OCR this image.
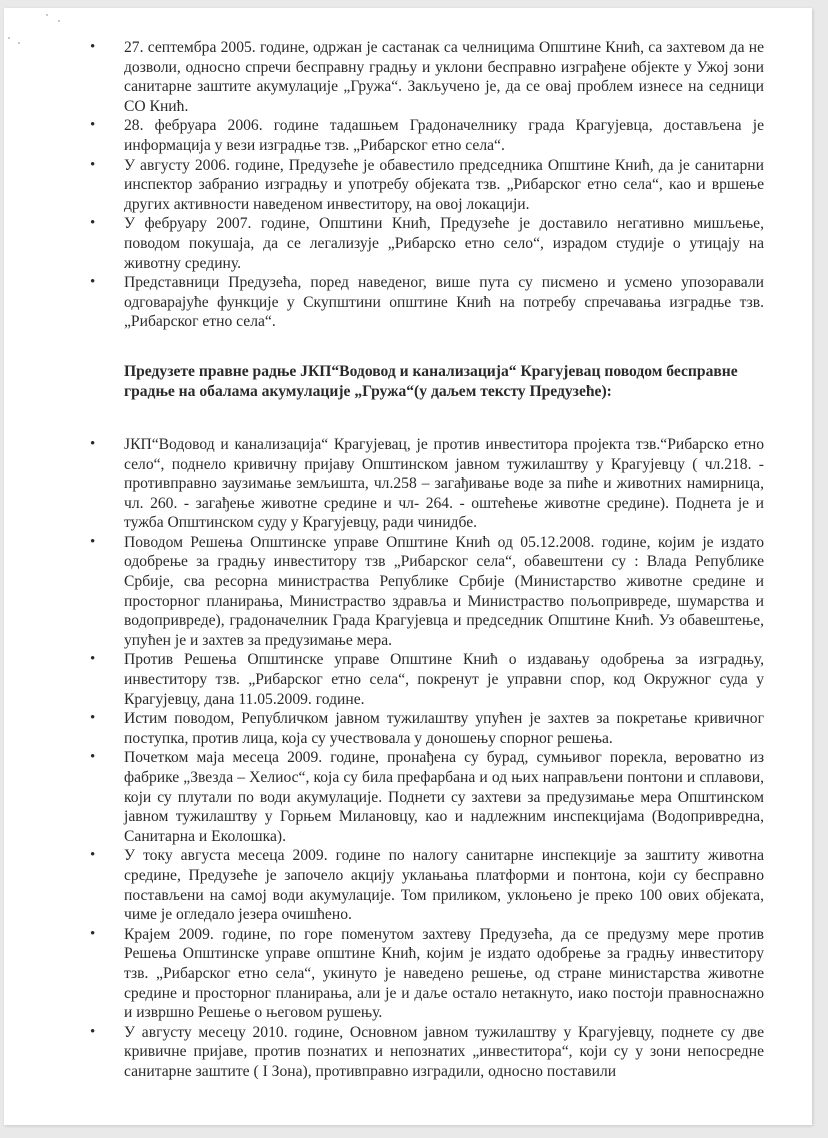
• 27. септембра 2005. године, одржан је састанак са челницима Општине Кнић, са захтевом да не дозволи, односно спречи бесправну градњу и уклони бесправно изграђене објекте у Ужој зони санитарне заштите акумулације „Гружа“. Закључено је, да се овај проблем изнесе на седници СО Кнић.
• 28. фебруара 2006. године тадашњем Градоначелнику града Крагујевца, достављена је информација у вези изградње тзв. „Рибарског етно села“.
• У августу 2006. године, Предузеће је обавестило председника Општине Кнић, да је санитарни инспектор забранио изградњу и употребу објеката тзв. „Рибарског етно села“, као и вршење других активности наведеном инвеститору, на овој локацији.
• У фебруару 2007. године, Општини Кнић, Предузеће је доставило негативно мишљење, поводом покушаја, да се легализује „Рибарско етно село“, израдом студије о утицају на животну средину.
• Представници Предузећа, поред наведеног, више пута су писмено и усмено упозоравали одговарајуће функције у Скупштини општине Кнић на потребу спречавања изградње тзв. „Рибарског етно села“.
Предузете правне радње ЈКП“Водовод и канализација“ Крагујевац поводом бесправне градње на обалама акумулације „Гружа“(у даљем тексту Предузеће):
• ЈКП“Водовод и канализација“ Крагујевац, је против инвеститора пројекта тзв.“Рибарско етно село“, поднело кривичну пријаву Општинском јавном тужилаштву у Крагујевцу ( чл.218. - противправно заузимање земљишта, чл.258 – загађивање воде за пиће и животних намирница, чл. 260. - загађење животне средине и чл- 264. - оштећење животне средине). Поднета је и тужба Општинском суду у Крагујевцу, ради чинидбе.
• Поводом Решења Општинске управе Општине Кнић од 05.12.2008. године, којим је издато одобрење за градњу инвеститору тзв „Рибарског села“, обавештени су : Влада Републике Србије, сва ресорна министраства Републике Србије (Министарство животне средине и просторног планирања, Министраство здравља и Министраство пољопривреде, шумарства и водопривреде), градоначелник Града Крагујевца и председник Општине Кнић. Уз обавештење, упућен је и захтев за предузимање мера.
• Против Решења Општинске управе Општине Кнић о издавању одобрења за изградњу, инвеститору тзв. „Рибарског етно села“, покренут је управни спор, код Окружног суда у Крагујевцу, дана 11.05.2009. године.
• Истим поводом, Републичком јавном тужилаштву упућен је захтев за покретање кривичног поступка, против лица, која су учествовала у доношењу спорног решења.
• Почетком маја месеца 2009. године, пронађена су бурад, сумњивог порекла, вероватно из фабрике „Звезда – Хелиос“, која су била префарбана и од њих направљени понтони и сплавови, који су плутали по води акумулације. Поднети су захтеви за предузимање мера Општинском јавном тужилаштву у Горњем Милановцу, као и надлежним инспекцијама (Водопривредна, Санитарна и Еколошка).
• У току августа месеца 2009. године по налогу санитарне инспекције за заштиту животна средине, Предузеће је започело акцију уклањања платформи и понтона, који су бесправно постављени на самој води акумулације. Том приликом, уклоњено је преко 100 ових објеката, чиме је огледало језера очишћено.
• Крајем 2009. године, по горе поменутом захтеву Предузећа, да се предузму мере против Решења Општинске управе општине Кнић, којим је издато одобрење за градњу инвеститору тзв. „Рибарског етно села“, укинуто је наведено решење, од стране министарства животне средине и просторног планирања, али је и даље остало нетакнуто, иако постоји правноснажно и извршно Решење о његовом рушењу.
• У августу месецу 2010. године, Основном јавном тужилаштву у Крагујевцу, поднете су две кривичне пријаве, против познатих и непознатих „инвеститора“, који су у зони непосредне санитарне заштите ( I Зона), противправно изградили, односно поставили
